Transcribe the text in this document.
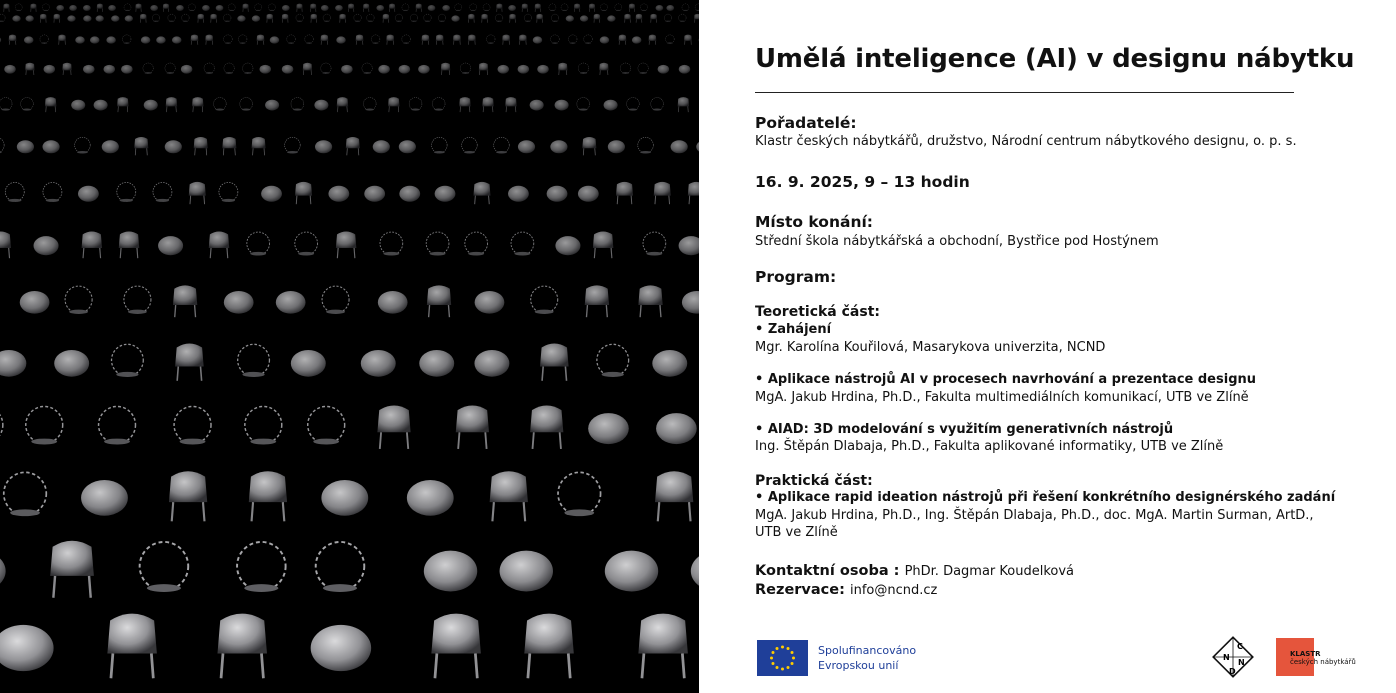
Umělá inteligence (AI) v designu nábytku
Pořadatelé:
Klastr českých nábytkářů, družstvo, Národní centrum nábytkového designu, o. p. s.
16. 9. 2025, 9 – 13 hodin
Místo konání:
Střední škola nábytkářská a obchodní, Bystřice pod Hostýnem
Program:
Teoretická část:
• Zahájení
Mgr. Karolína Kouřilová, Masarykova univerzita, NCND
• Aplikace nástrojů AI v procesech navrhování a prezentace designu
MgA. Jakub Hrdina, Ph.D., Fakulta multimediálních komunikací, UTB ve Zlíně
• AIAD: 3D modelování s využitím generativních nástrojů
Ing. Štěpán Dlabaja, Ph.D., Fakulta aplikované informatiky, UTB ve Zlíně
Praktická část:
• Aplikace rapid ideation nástrojů při řešení konkrétního designérského zadání
MgA. Jakub Hrdina, Ph.D., Ing. Štěpán Dlabaja, Ph.D., doc. MgA. Martin Surman, ArtD.,
UTB ve Zlíně
Kontaktní osoba : PhDr. Dagmar Koudelková
Rezervace: info@ncnd.cz
Spolufinancováno
Evropskou unií
C
N
N
D
KLASTR
českých nábytkářů
